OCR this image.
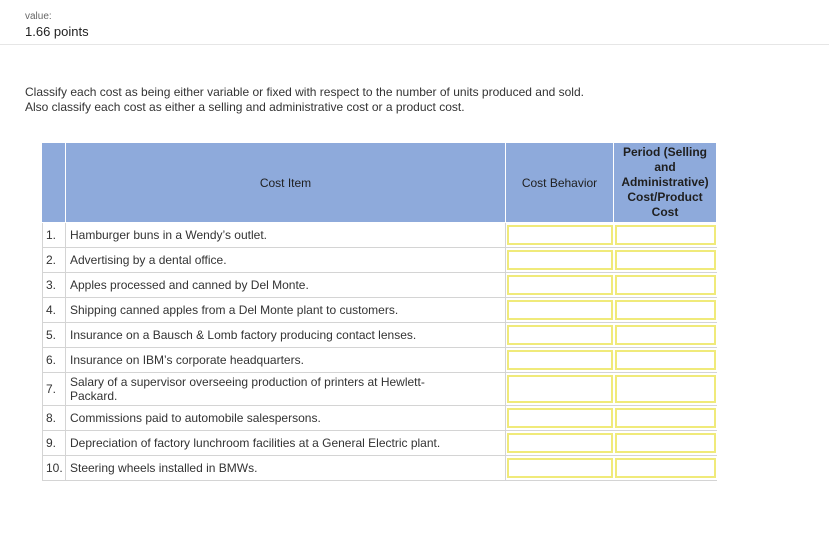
value:
1.66 points

Classify each cost as being either variable or fixed with respect to the number of units produced and sold.

Also classify each cost as either a selling and administrative cost or a product cost.

	Cost Item	Cost Behavior	Period (Selling
and
Administrative)
Cost/Product
Cost
1.	Hamburger buns in a Wendy’s outlet.	

2.	Advertising by a dental office.	

3.	Apples processed and canned by Del Monte.	

4.	Shipping canned apples from a Del Monte plant to customers.	

5.	Insurance on a Bausch & Lomb factory producing contact lenses.	

6.	Insurance on IBM’s corporate headquarters.	

7.	Salary of a supervisor overseeing production of printers at Hewlett-Packard.	

8.	Commissions paid to automobile salespersons.	

9.	Depreciation of factory lunchroom facilities at a General Electric plant.	

10.	Steering wheels installed in BMWs.	
